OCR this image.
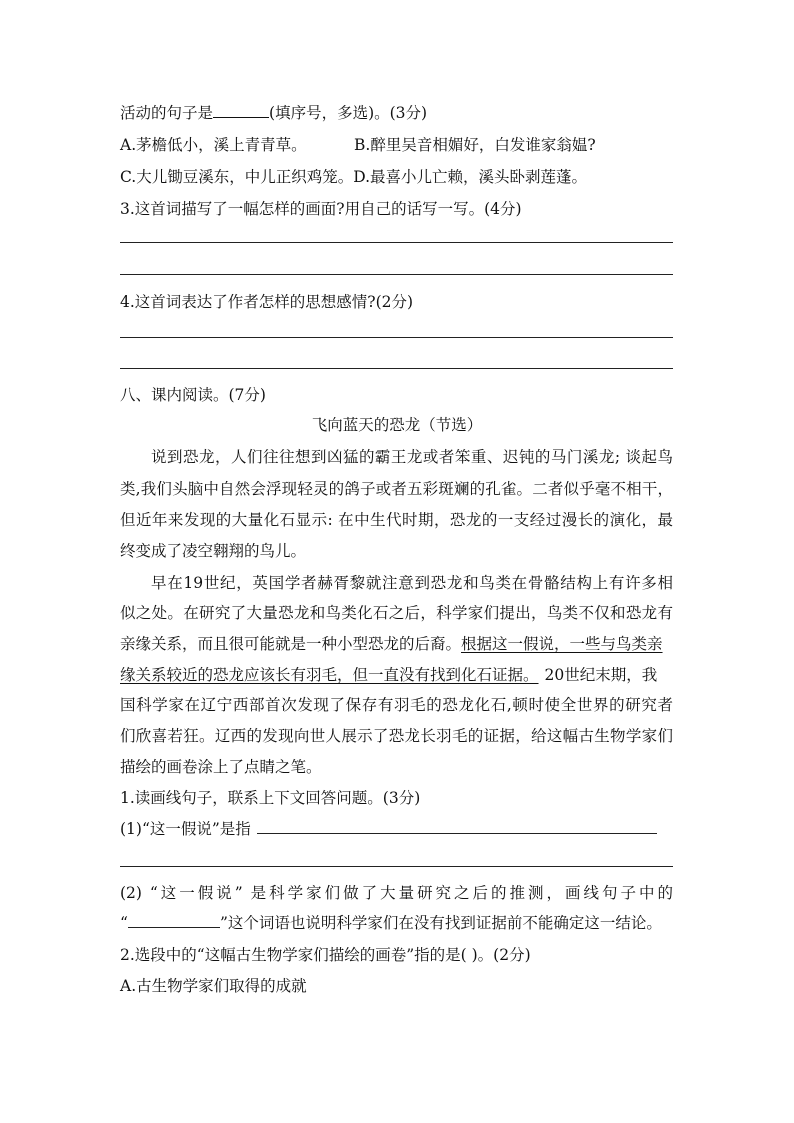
活动的句子是	(填序号，多选)。(3分)
A.茅檐低小，溪上青青草。	B.醉里吴音相媚好，白发谁家翁媪?
C.大儿锄豆溪东，中儿正织鸡笼。D.最喜小儿亡赖，溪头卧剥莲蓬。
3.这首词描写了一幅怎样的画面?用自己的话写一写。(4分)
4.这首词表达了作者怎样的思想感情?(2分)
八、课内阅读。(7分)
飞向蓝天的恐龙（节选）
说到恐龙，人们往往想到凶猛的霸王龙或者笨重、迟钝的马门溪龙; 谈起鸟
类,我们头脑中自然会浮现轻灵的鸽子或者五彩斑斓的孔雀。二者似乎毫不相干，
但近年来发现的大量化石显示: 在中生代时期，恐龙的一支经过漫长的演化，最
终变成了凌空翱翔的鸟儿。
早在19世纪，英国学者赫胥黎就注意到恐龙和鸟类在骨骼结构上有许多相
似之处。在研究了大量恐龙和鸟类化石之后，科学家们提出，鸟类不仅和恐龙有
亲缘关系，而且很可能就是一种小型恐龙的后裔。根据这一假说，一些与鸟类亲
缘关系较近的恐龙应该长有羽毛，但一直没有找到化石证据。 20世纪末期，我
国科学家在辽宁西部首次发现了保存有羽毛的恐龙化石,顿时使全世界的研究者
们欣喜若狂。辽西的发现向世人展示了恐龙长羽毛的证据，给这幅古生物学家们
描绘的画卷涂上了点睛之笔。
1.读画线句子，联系上下文回答问题。(3分)
(1)“这一假说”是指
(2) “这一假说” 是科学家们做了大量研究之后的推测，画线句子中的
“	”这个词语也说明科学家们在没有找到证据前不能确定这一结论。
2.选段中的“这幅古生物学家们描绘的画卷”指的是( )。(2分)
A.古生物学家们取得的成就
